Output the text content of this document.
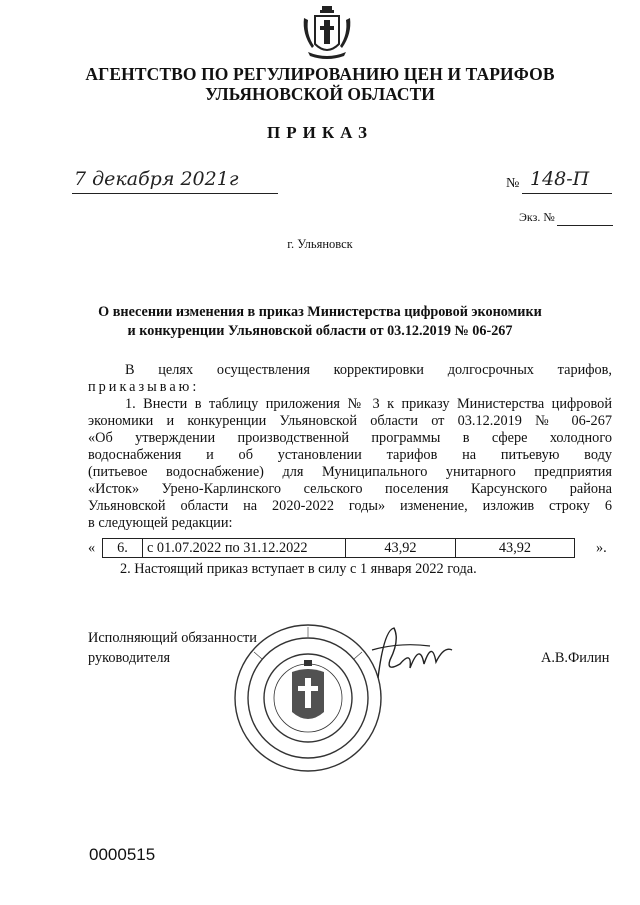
АГЕНТСТВО ПО РЕГУЛИРОВАНИЮ ЦЕН И ТАРИФОВ
УЛЬЯНОВСКОЙ ОБЛАСТИ
ПРИКАЗ
7 декабря 2021г	№ 148-П
Экз. №
г. Ульяновск
О внесении изменения в приказ Министерства цифровой экономики
и конкуренции Ульяновской области от 03.12.2019 № 06-267
В целях осуществления корректировки долгосрочных тарифов,
приказываю:
1. Внести в таблицу приложения № 3 к приказу Министерства цифровой
экономики и конкуренции Ульяновской области от 03.12.2019 № 06-267
«Об утверждении производственной программы в сфере холодного
водоснабжения и об установлении тарифов на питьевую воду
(питьевое водоснабжение) для Муниципального унитарного предприятия
«Исток» Урено-Карлинского сельского поселения Карсунского района
Ульяновской области на 2020-2022 годы» изменение, изложив строку 6
в следующей редакции:
« 6.	с 01.07.2022 по 31.12.2022	43,92	43,92	».
2. Настоящий приказ вступает в силу с 1 января 2022 года.
Исполняющий обязанности
руководителя	А.В.Филин
0000515
